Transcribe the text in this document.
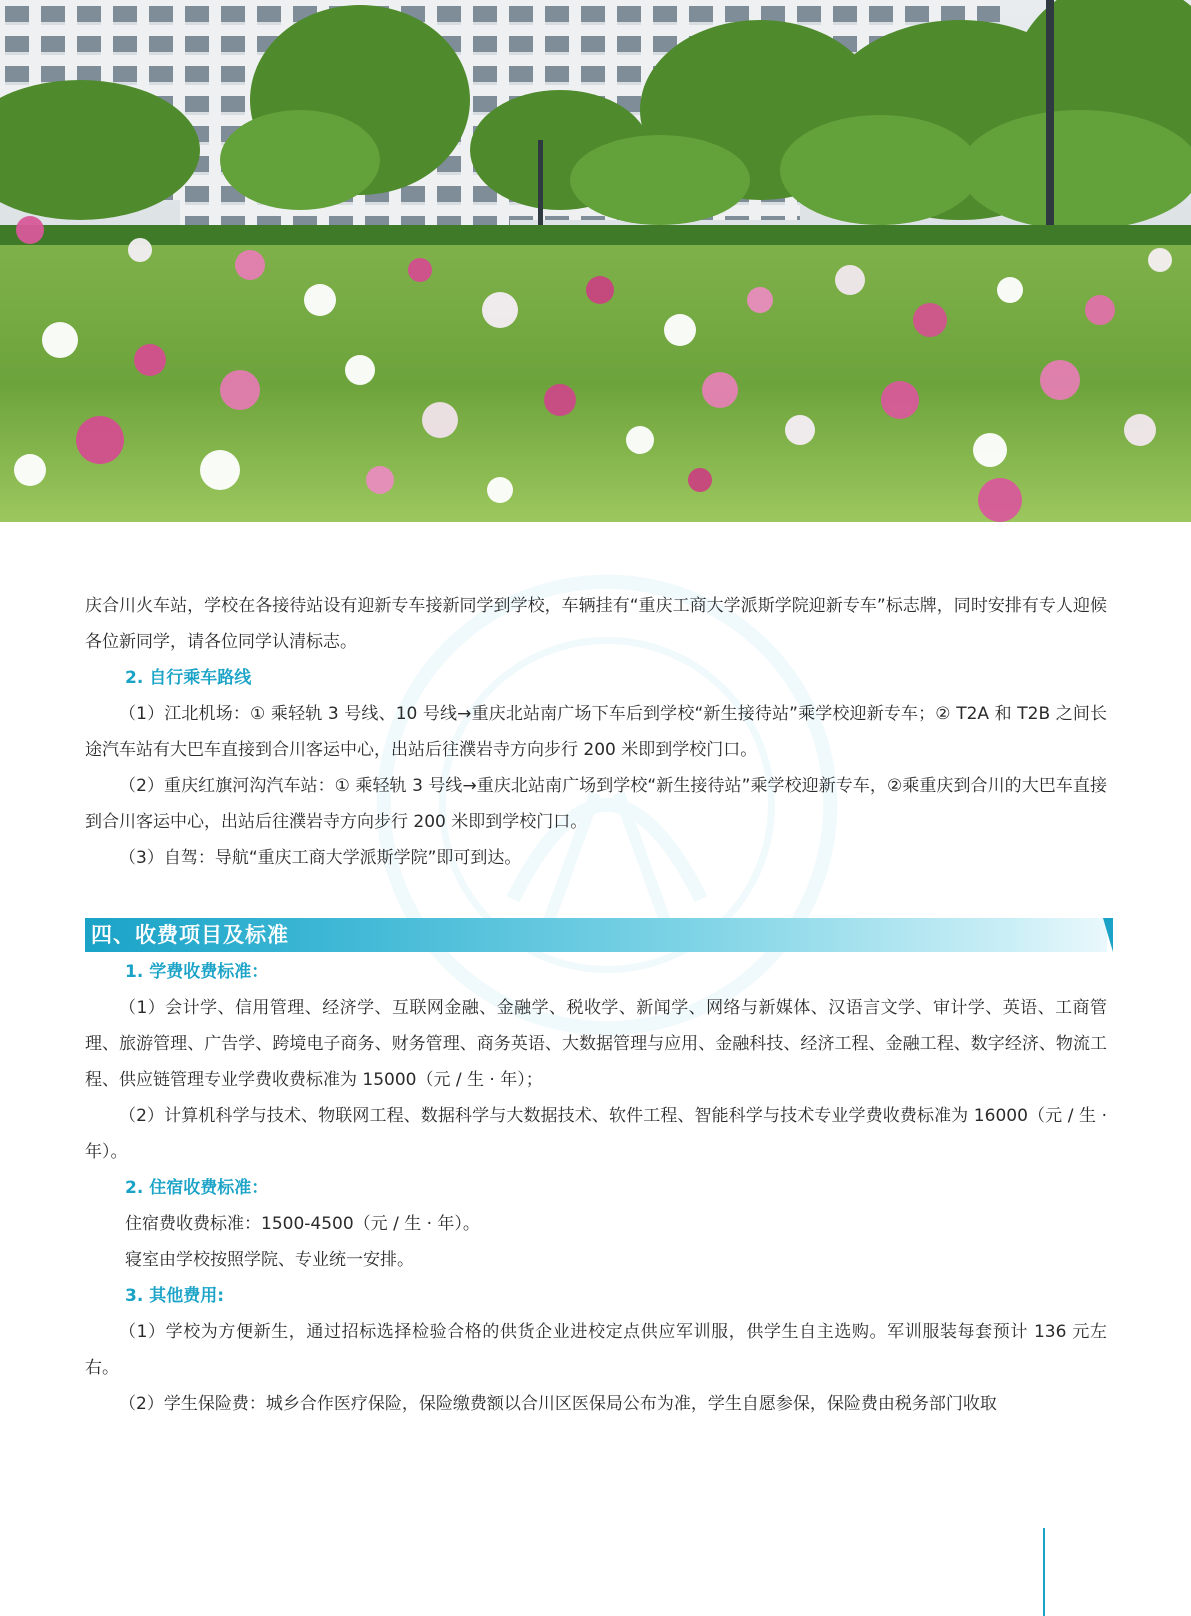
庆合川火车站，学校在各接待站设有迎新专车接新同学到学校，车辆挂有“重庆工商大学派斯学院迎新专车”标志牌，同时安排有专人迎候各位新同学，请各位同学认清标志。

2. 自行乘车路线

（1）江北机场：① 乘轻轨 3 号线、10 号线→重庆北站南广场下车后到学校“新生接待站”乘学校迎新专车；② T2A 和 T2B 之间长途汽车站有大巴车直接到合川客运中心，出站后往濮岩寺方向步行 200 米即到学校门口。

（2）重庆红旗河沟汽车站：① 乘轻轨 3 号线→重庆北站南广场到学校“新生接待站”乘学校迎新专车，②乘重庆到合川的大巴车直接到合川客运中心，出站后往濮岩寺方向步行 200 米即到学校门口。

（3）自驾：导航“重庆工商大学派斯学院”即可到达。

四、收费项目及标准

1. 学费收费标准：

（1）会计学、信用管理、经济学、互联网金融、金融学、税收学、新闻学、网络与新媒体、汉语言文学、审计学、英语、工商管理、旅游管理、广告学、跨境电子商务、财务管理、商务英语、大数据管理与应用、金融科技、经济工程、金融工程、数字经济、物流工程、供应链管理专业学费收费标准为 15000（元 / 生 · 年）；

（2）计算机科学与技术、物联网工程、数据科学与大数据技术、软件工程、智能科学与技术专业学费收费标准为 16000（元 / 生 · 年）。

2. 住宿收费标准：

住宿费收费标准：1500-4500（元 / 生 · 年）。

寝室由学校按照学院、专业统一安排。

3. 其他费用:

（1）学校为方便新生，通过招标选择检验合格的供货企业进校定点供应军训服，供学生自主选购。军训服装每套预计 136 元左右。

（2）学生保险费：城乡合作医疗保险，保险缴费额以合川区医保局公布为准，学生自愿参保，保险费由税务部门收取
